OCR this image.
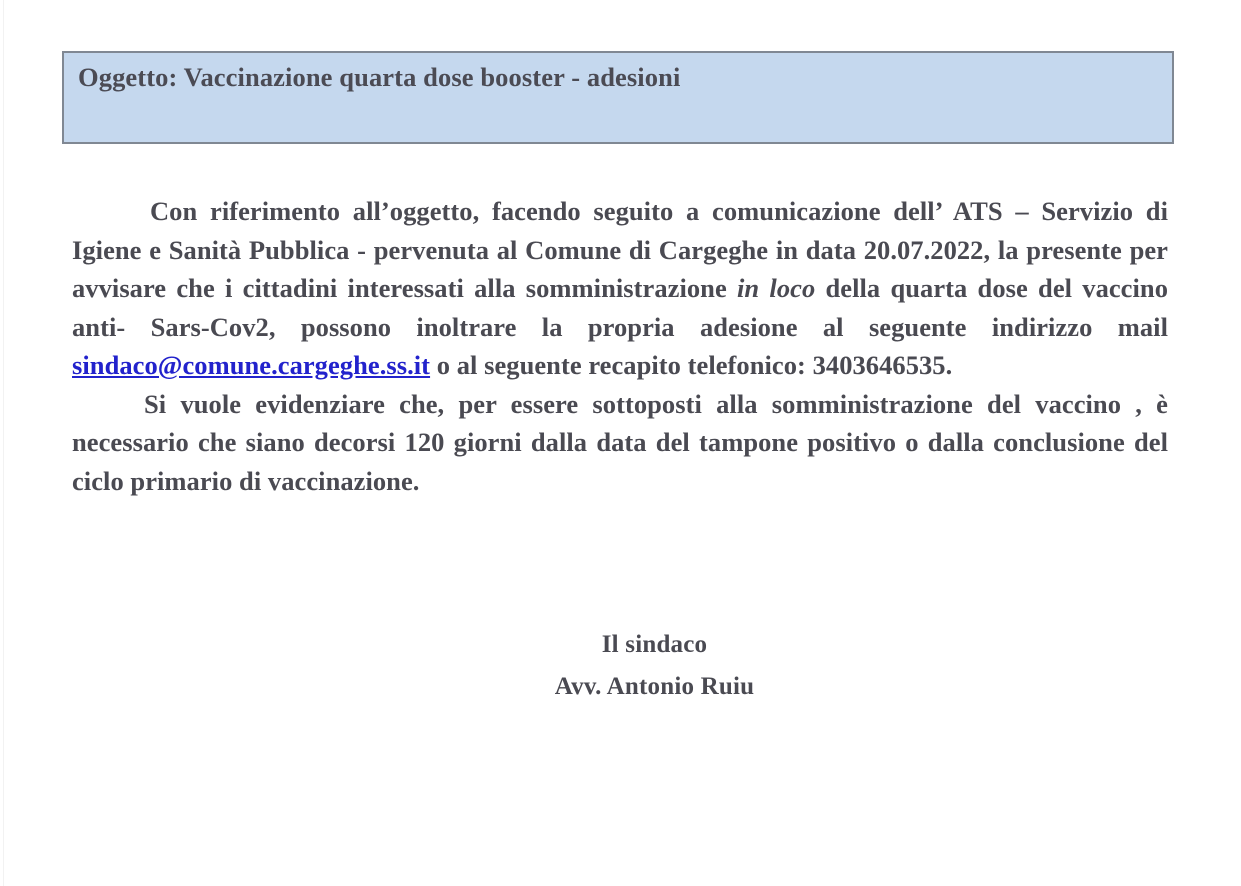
Oggetto: Vaccinazione quarta dose booster - adesioni

Con riferimento all’oggetto, facendo seguito a comunicazione dell’ ATS – Servizio di Igiene e Sanità Pubblica - pervenuta al Comune di Cargeghe in data 20.07.2022, la presente per avvisare che i cittadini interessati alla somministrazione in loco della quarta dose del vaccino anti- Sars-Cov2, possono inoltrare la propria adesione al seguente indirizzo mail sindaco@comune.cargeghe.ss.it o al seguente recapito telefonico: 3403646535.

Si vuole evidenziare che, per essere sottoposti alla somministrazione del vaccino , è necessario che siano decorsi 120 giorni dalla data del tampone positivo o dalla conclusione del ciclo primario di vaccinazione.

Il sindaco
Avv. Antonio Ruiu
